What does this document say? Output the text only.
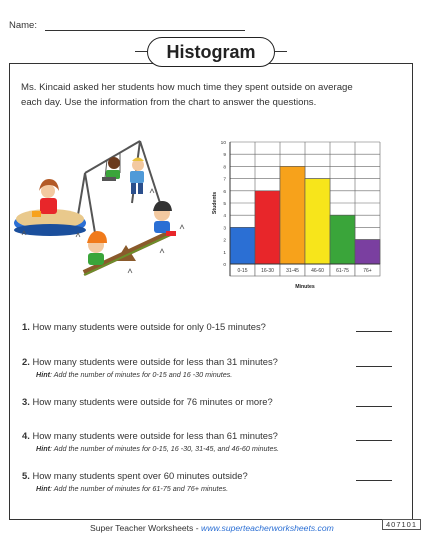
Name:
Histogram
Ms. Kincaid asked her students how much time they spent outside on average each day. Use the information from the chart to answer the questions.
0
1
2
3
4
5
6
7
8
9
10
0-15	16-30 31-45 46-60 61-75	76+
Minutes
Students
1. How many students were outside for only 0-15 minutes?
2. How many students were outside for less than 31 minutes?
Hint: Add the number of minutes for 0-15 and 16 -30 minutes.
3. How many students were outside for 76 minutes or more?
4. How many students were outside for less than 61 minutes?
Hint: Add the number of minutes for 0-15, 16 -30, 31-45, and 46-60 minutes.
5. How many students spent over 60 minutes outside?
Hint: Add the number of minutes for 61-75 and 76+ minutes.
Super Teacher Worksheets - www.superteacherworksheets.com	407101
